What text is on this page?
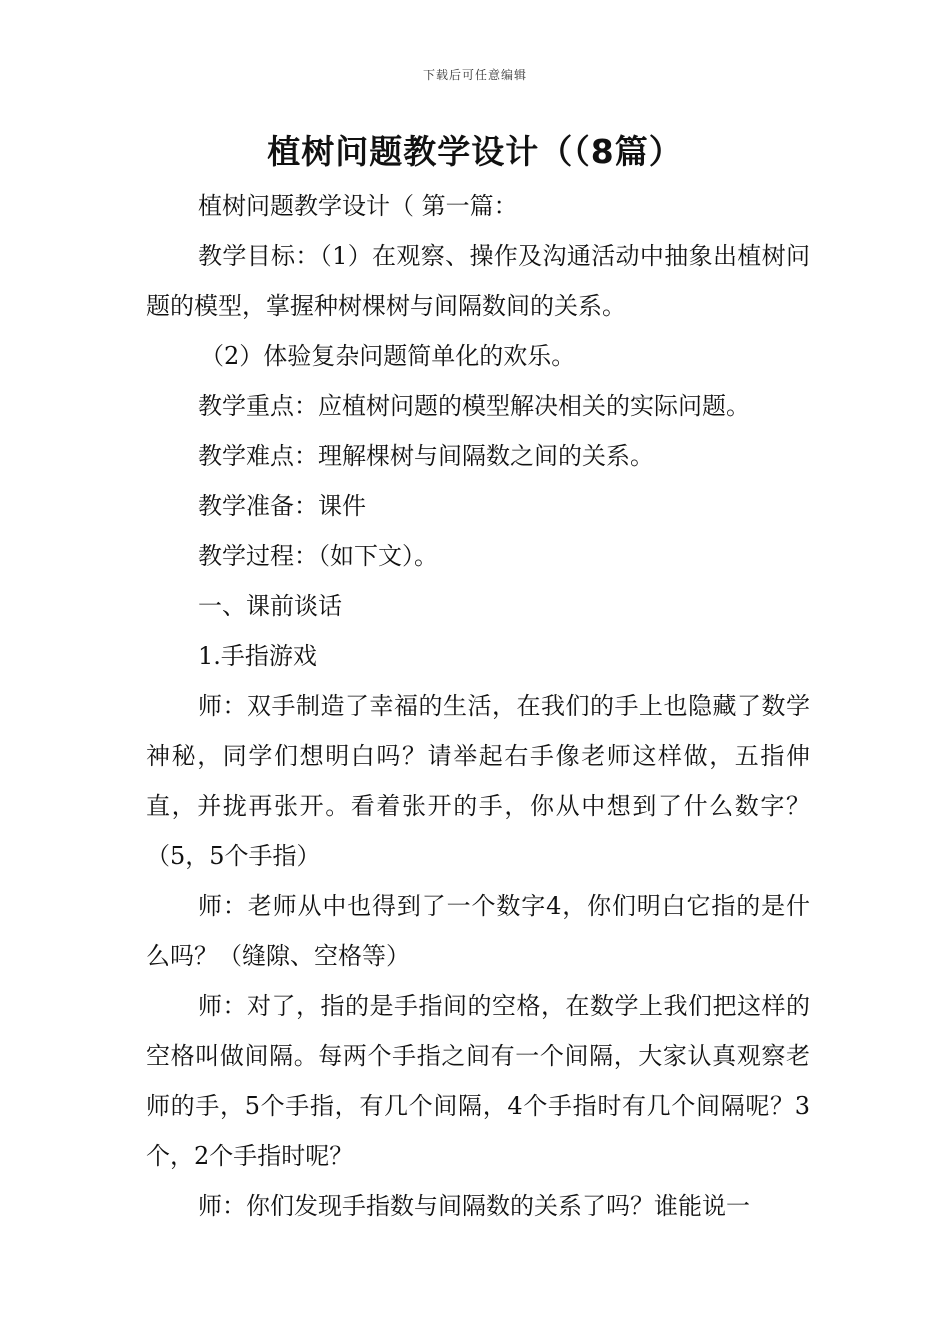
下载后可任意编辑
植树问题教学设计（（8篇）

植树问题教学设计（ 第一篇：

教学目标：（1）在观察、操作及沟通活动中抽象出植树问题的模型，掌握种树棵树与间隔数间的关系。

（2）体验复杂问题简单化的欢乐。

教学重点：应植树问题的模型解决相关的实际问题。

教学难点：理解棵树与间隔数之间的关系。

教学准备：课件

教学过程：（如下文）。

一、课前谈话

1.手指游戏

师：双手制造了幸福的生活，在我们的手上也隐藏了数学神秘，同学们想明白吗？请举起右手像老师这样做，五指伸直，并拢再张开。看着张开的手，你从中想到了什么数字？（5，5个手指）

师：老师从中也得到了一个数字4，你们明白它指的是什么吗？（缝隙、空格等）

师：对了，指的是手指间的空格，在数学上我们把这样的空格叫做间隔。每两个手指之间有一个间隔，大家认真观察老师的手，5个手指，有几个间隔，4个手指时有几个间隔呢？3个，2个手指时呢？

师：你们发现手指数与间隔数的关系了吗？谁能说一
